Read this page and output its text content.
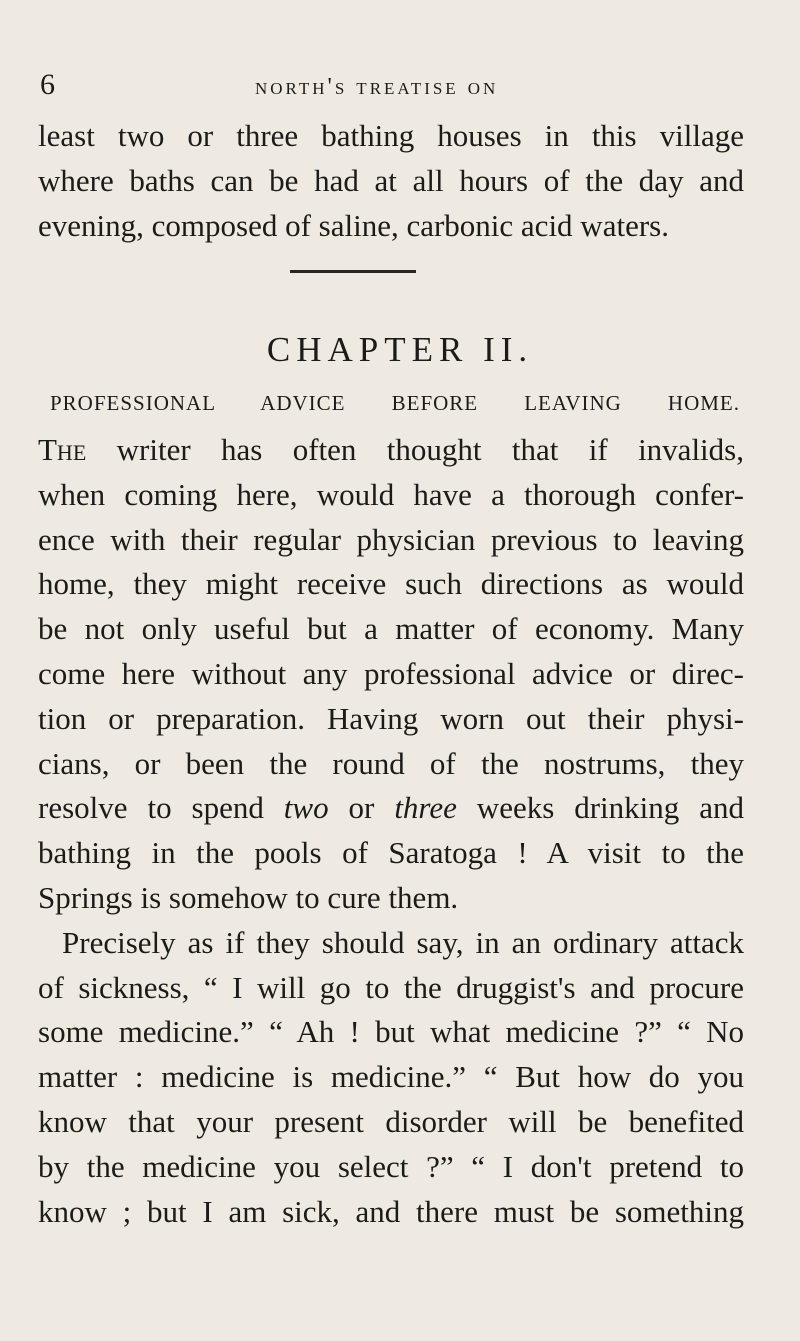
6	north's treatise on
least two or three bathing houses in this village
where baths can be had at all hours of the day and
evening, composed of saline, carbonic acid waters.
CHAPTER II.
PROFESSIONAL ADVICE BEFORE LEAVING HOME.
The writer has often thought that if invalids,
when coming here, would have a thorough confer-
ence with their regular physician previous to leaving
home, they might receive such directions as would
be not only useful but a matter of economy. Many
come here without any professional advice or direc-
tion or preparation. Having worn out their physi-
cians, or been the round of the nostrums, they
resolve to spend two or three weeks drinking and
bathing in the pools of Saratoga ! A visit to the
Springs is somehow to cure them.
Precisely as if they should say, in an ordinary attack
of sickness, “ I will go to the druggist's and procure
some medicine.” “ Ah ! but what medicine ?” “ No
matter : medicine is medicine.” “ But how do you
know that your present disorder will be benefited
by the medicine you select ?” “ I don't pretend to
know ; but I am sick, and there must be something
